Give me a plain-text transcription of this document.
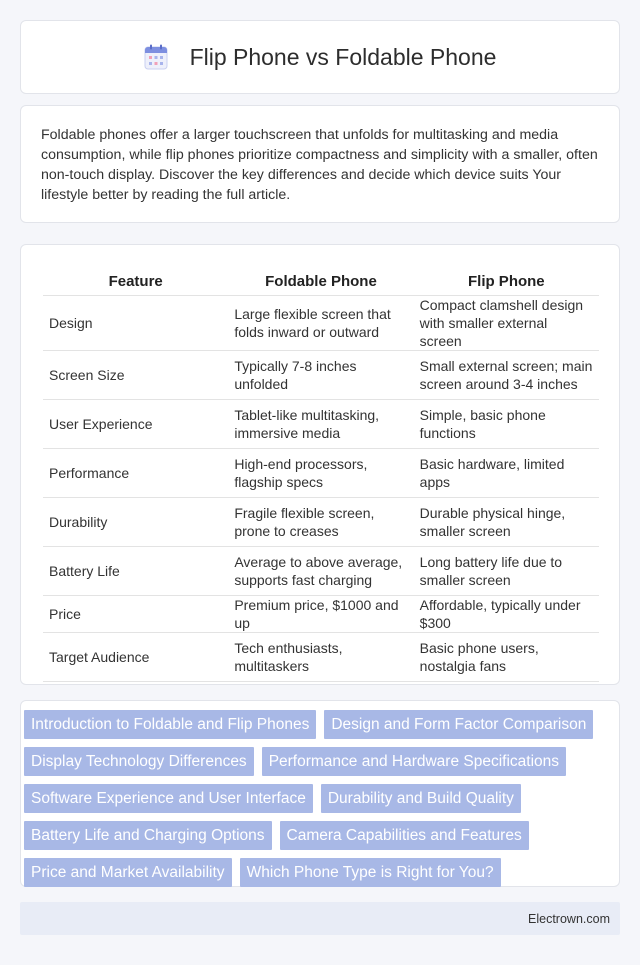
Flip Phone vs Foldable Phone

Foldable phones offer a larger touchscreen that unfolds for multitasking and media consumption, while flip phones prioritize compactness and simplicity with a smaller, often non-touch display. Discover the key differences and decide which device suits Your lifestyle better by reading the full article.

Feature	Foldable Phone	Flip Phone
Design	Large flexible screen that folds inward or outward	Compact clamshell design with smaller external screen
Screen Size	Typically 7-8 inches unfolded	Small external screen; main screen around 3-4 inches
User Experience	Tablet-like multitasking, immersive media	Simple, basic phone functions
Performance	High-end processors, flagship specs	Basic hardware, limited apps
Durability	Fragile flexible screen, prone to creases	Durable physical hinge, smaller screen
Battery Life	Average to above average, supports fast charging	Long battery life due to smaller screen
Price	Premium price, $1000 and up	Affordable, typically under $300
Target Audience	Tech enthusiasts, multitaskers	Basic phone users, nostalgia fans
Introduction to Foldable and Flip Phones	Design and Form Factor Comparison
Display Technology Differences	Performance and Hardware Specifications
Software Experience and User Interface	Durability and Build Quality
Battery Life and Charging Options	Camera Capabilities and Features
Price and Market Availability	Which Phone Type is Right for You?
Electrown.com
